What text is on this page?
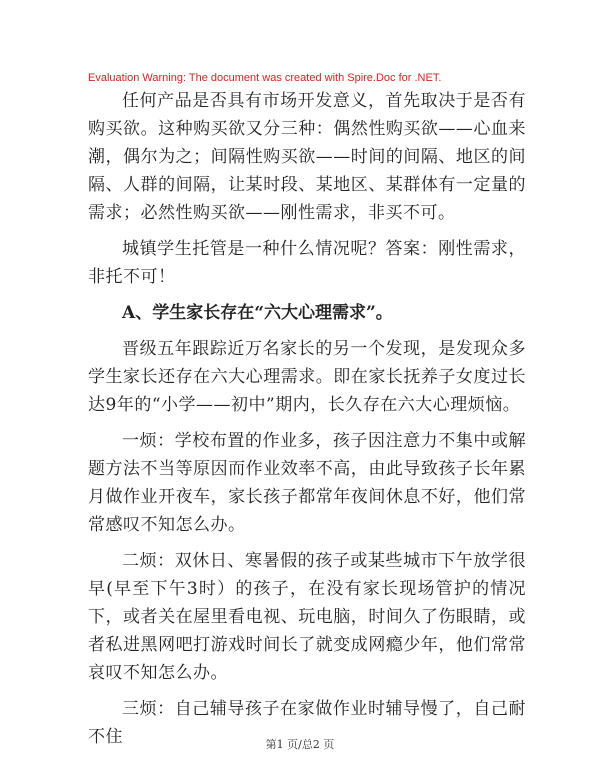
Evaluation Warning: The document was created with Spire.Doc for .NET.

任何产品是否具有市场开发意义，首先取决于是否有购买欲。这种购买欲又分三种：偶然性购买欲——心血来潮，偶尔为之；间隔性购买欲——时间的间隔、地区的间隔、人群的间隔，让某时段、某地区、某群体有一定量的需求；必然性购买欲——刚性需求，非买不可。

城镇学生托管是一种什么情况呢？答案：刚性需求，非托不可！

A、学生家长存在“六大心理需求”。

晋级五年跟踪近万名家长的另一个发现，是发现众多学生家长还存在六大心理需求。即在家长抚养子女度过长达9年的“小学——初中”期内，长久存在六大心理烦恼。

一烦：学校布置的作业多，孩子因注意力不集中或解题方法不当等原因而作业效率不高，由此导致孩子长年累月做作业开夜车，家长孩子都常年夜间休息不好，他们常常感叹不知怎么办。

二烦：双休日、寒暑假的孩子或某些城市下午放学很早(早至下午3时）的孩子，在没有家长现场管护的情况下，或者关在屋里看电视、玩电脑，时间久了伤眼睛，或者私进黑网吧打游戏时间长了就变成网瘾少年，他们常常哀叹不知怎么办。

三烦：自己辅导孩子在家做作业时辅导慢了，自己耐不住	第1 页/总2 页
